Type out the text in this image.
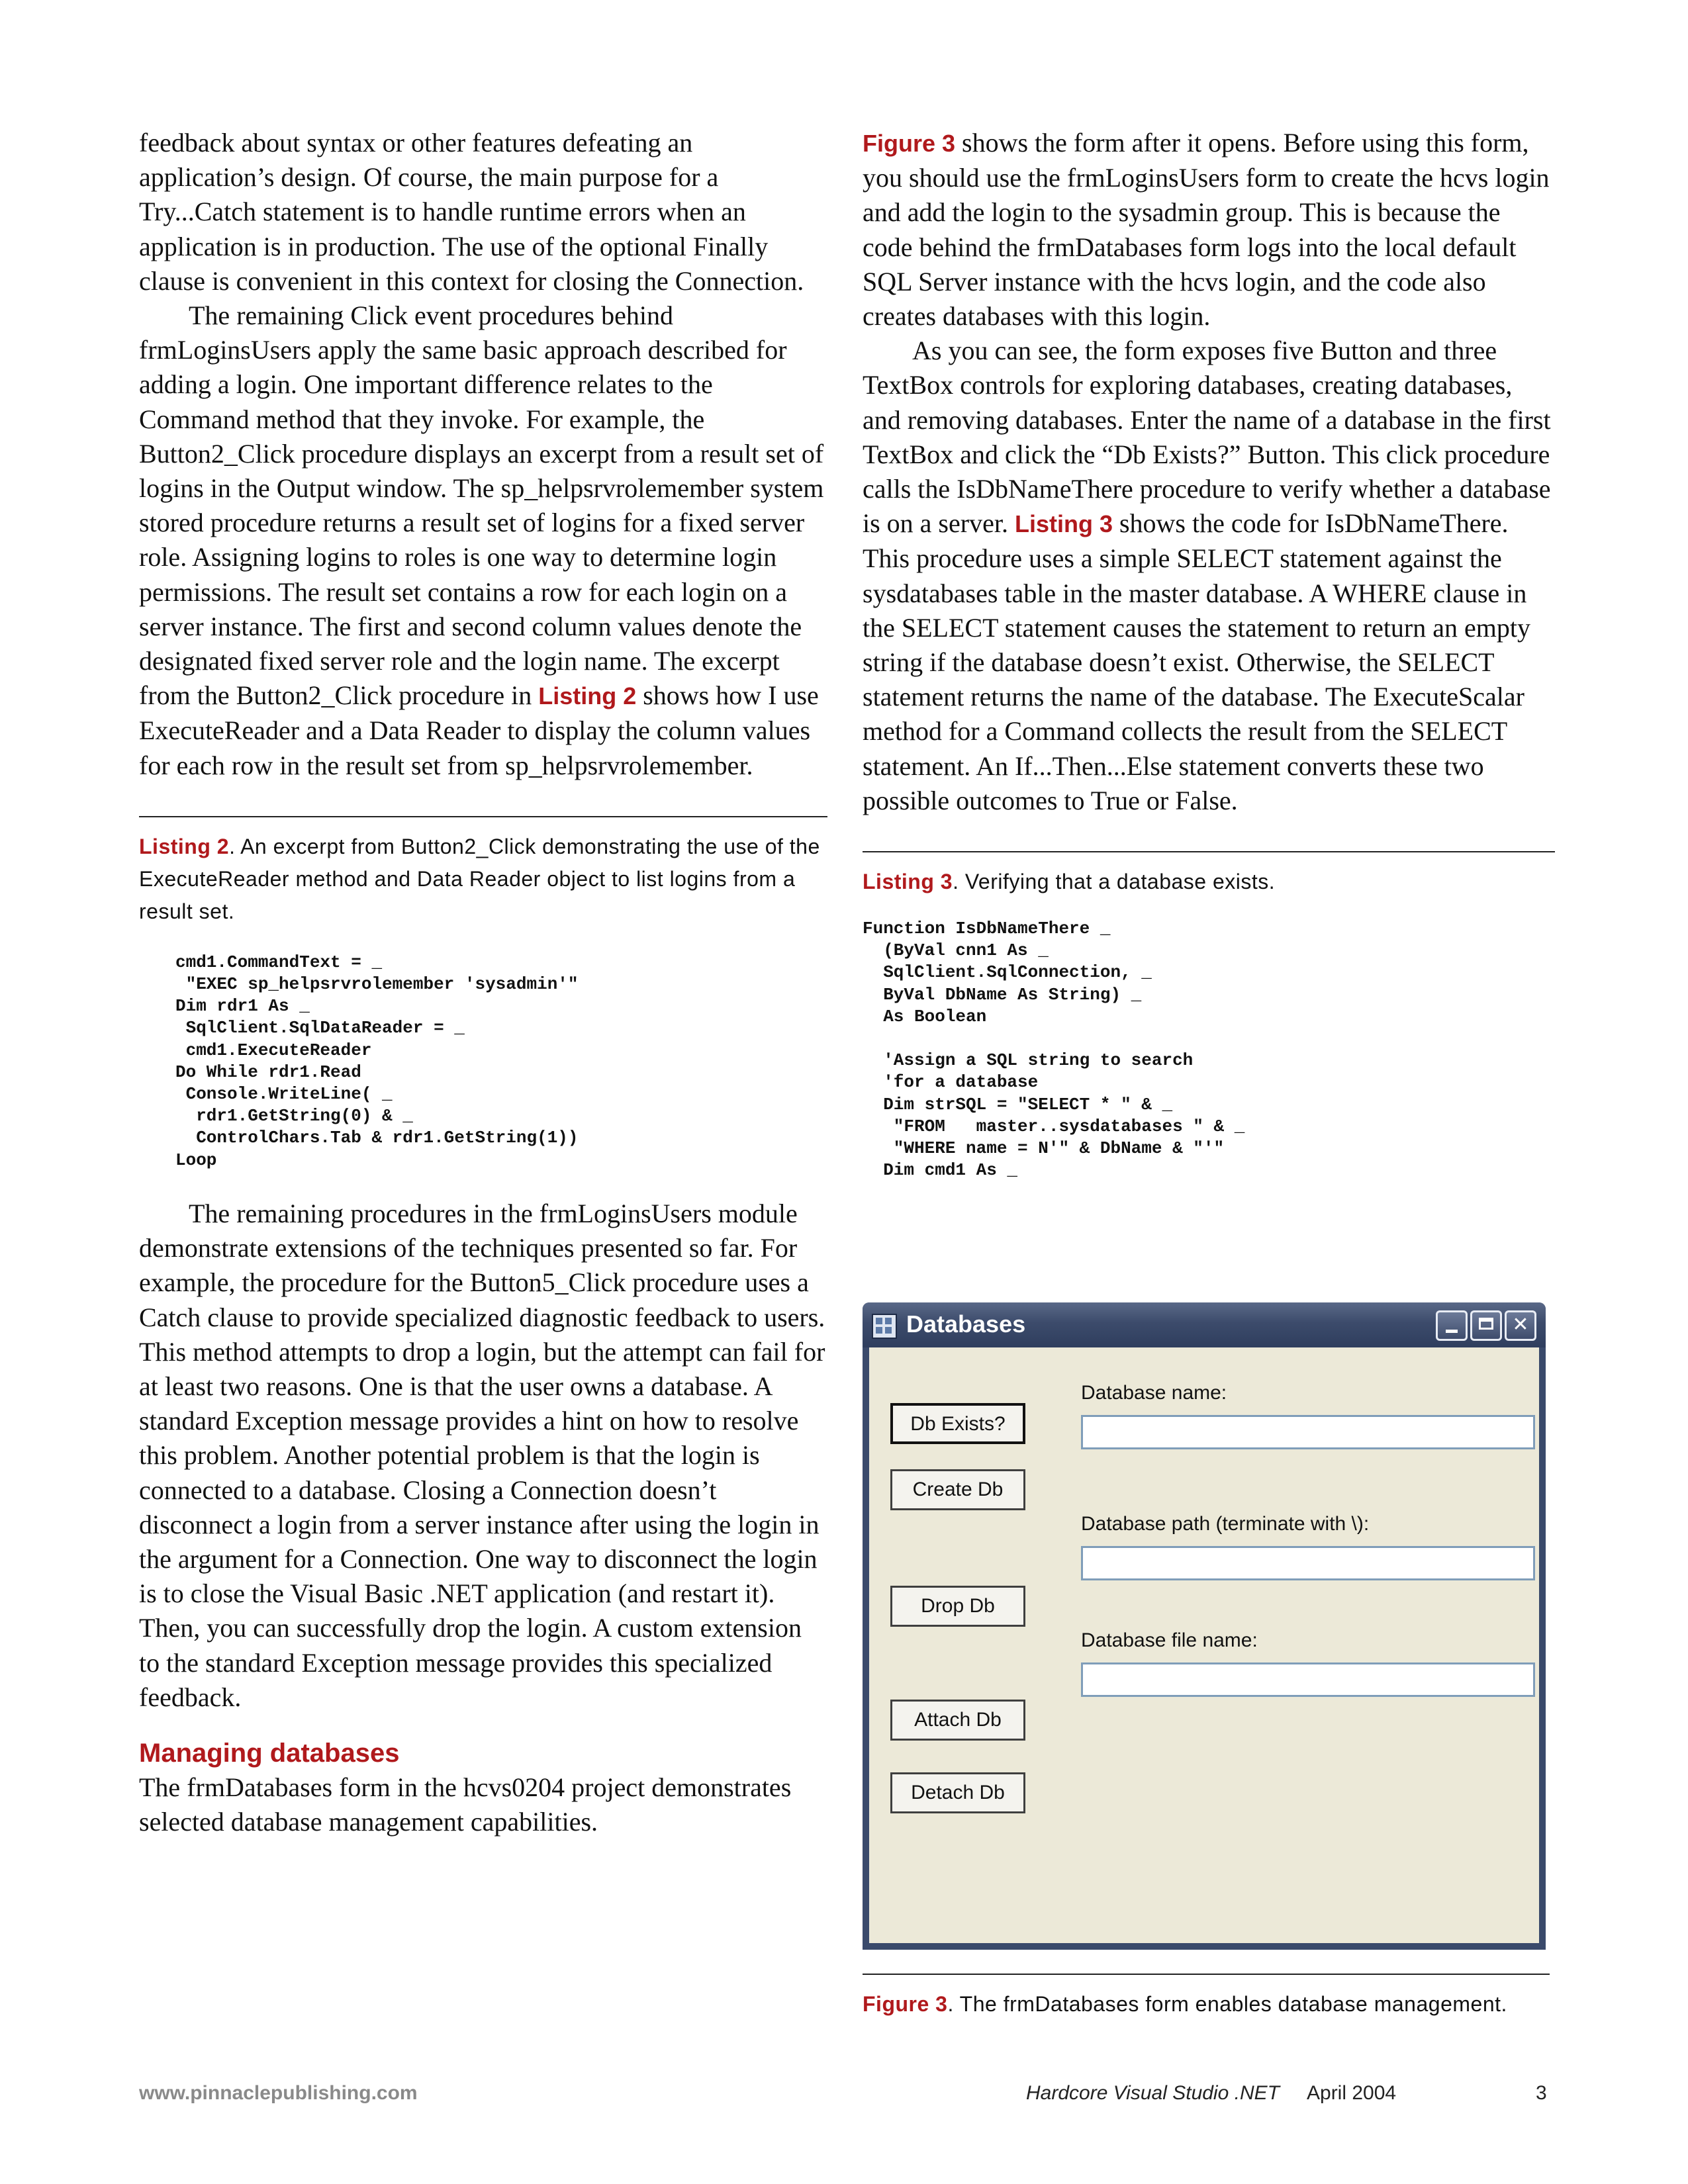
feedback about syntax or other features defeating an application’s design. Of course, the main purpose for a Try...Catch statement is to handle runtime errors when an application is in production. The use of the optional Finally clause is convenient in this context for closing the Connection.

The remaining Click event procedures behind frmLoginsUsers apply the same basic approach described for adding a login. One important difference relates to the Command method that they invoke. For example, the Button2_Click procedure displays an excerpt from a result set of logins in the Output window. The sp_helpsrvrolemember system stored procedure returns a result set of logins for a fixed server role. Assigning logins to roles is one way to determine login permissions. The result set contains a row for each login on a server instance. The first and second column values denote the designated fixed server role and the login name. The excerpt from the Button2_Click procedure in Listing 2 shows how I use ExecuteReader and a Data Reader to display the column values for each row in the result set from sp_helpsrvrolemember.

Listing 2. An excerpt from Button2_Click demonstrating the use of the ExecuteReader method and Data Reader object to list logins from a result set.

cmd1.CommandText = _
"EXEC sp_helpsrvrolemember 'sysadmin'"
Dim rdr1 As _
SqlClient.SqlDataReader = _
cmd1.ExecuteReader
Do While rdr1.Read
Console.WriteLine( _
rdr1.GetString(0) & _
ControlChars.Tab & rdr1.GetString(1))
Loop

The remaining procedures in the frmLoginsUsers module demonstrate extensions of the techniques presented so far. For example, the procedure for the Button5_Click procedure uses a Catch clause to provide specialized diagnostic feedback to users. This method attempts to drop a login, but the attempt can fail for at least two reasons. One is that the user owns a database. A standard Exception message provides a hint on how to resolve this problem. Another potential problem is that the login is connected to a database. Closing a Connection doesn’t disconnect a login from a server instance after using the login in the argument for a Connection. One way to disconnect the login is to close the Visual Basic .NET application (and restart it). Then, you can successfully drop the login. A custom extension to the standard Exception message provides this specialized feedback.

Managing databases

The frmDatabases form in the hcvs0204 project demonstrates selected database management capabilities.

Figure 3 shows the form after it opens. Before using this form, you should use the frmLoginsUsers form to create the hcvs login and add the login to the sysadmin group. This is because the code behind the frmDatabases form logs into the local default SQL Server instance with the hcvs login, and the code also creates databases with this login.

As you can see, the form exposes five Button and three TextBox controls for exploring databases, creating databases, and removing databases. Enter the name of a database in the first TextBox and click the “Db Exists?” Button. This click procedure calls the IsDbNameThere procedure to verify whether a database is on a server. Listing 3 shows the code for IsDbNameThere. This procedure uses a simple SELECT statement against the sysdatabases table in the master database. A WHERE clause in the SELECT statement causes the statement to return an empty string if the database doesn’t exist. Otherwise, the SELECT statement returns the name of the database. The ExecuteScalar method for a Command collects the result from the SELECT statement. An If...Then...Else statement converts these two possible outcomes to True or False.

Listing 3. Verifying that a database exists.

Function IsDbNameThere _
(ByVal cnn1 As _
SqlClient.SqlConnection, _
ByVal DbName As String) _
As Boolean

'Assign a SQL string to search
'for a database
Dim strSQL = "SELECT * " & _
"FROM   master..sysdatabases " & _
"WHERE name = N'" & DbName & "'"
Dim cmd1 As _
Databases	✕
Db Exists?
Create Db
Drop Db
Attach Db
Detach Db
Database name:
Database path (terminate with \):
Database file name:

Figure 3. The frmDatabases form enables database management.

www.pinnaclepublishing.com	Hardcore Visual Studio .NET April 2004	3
